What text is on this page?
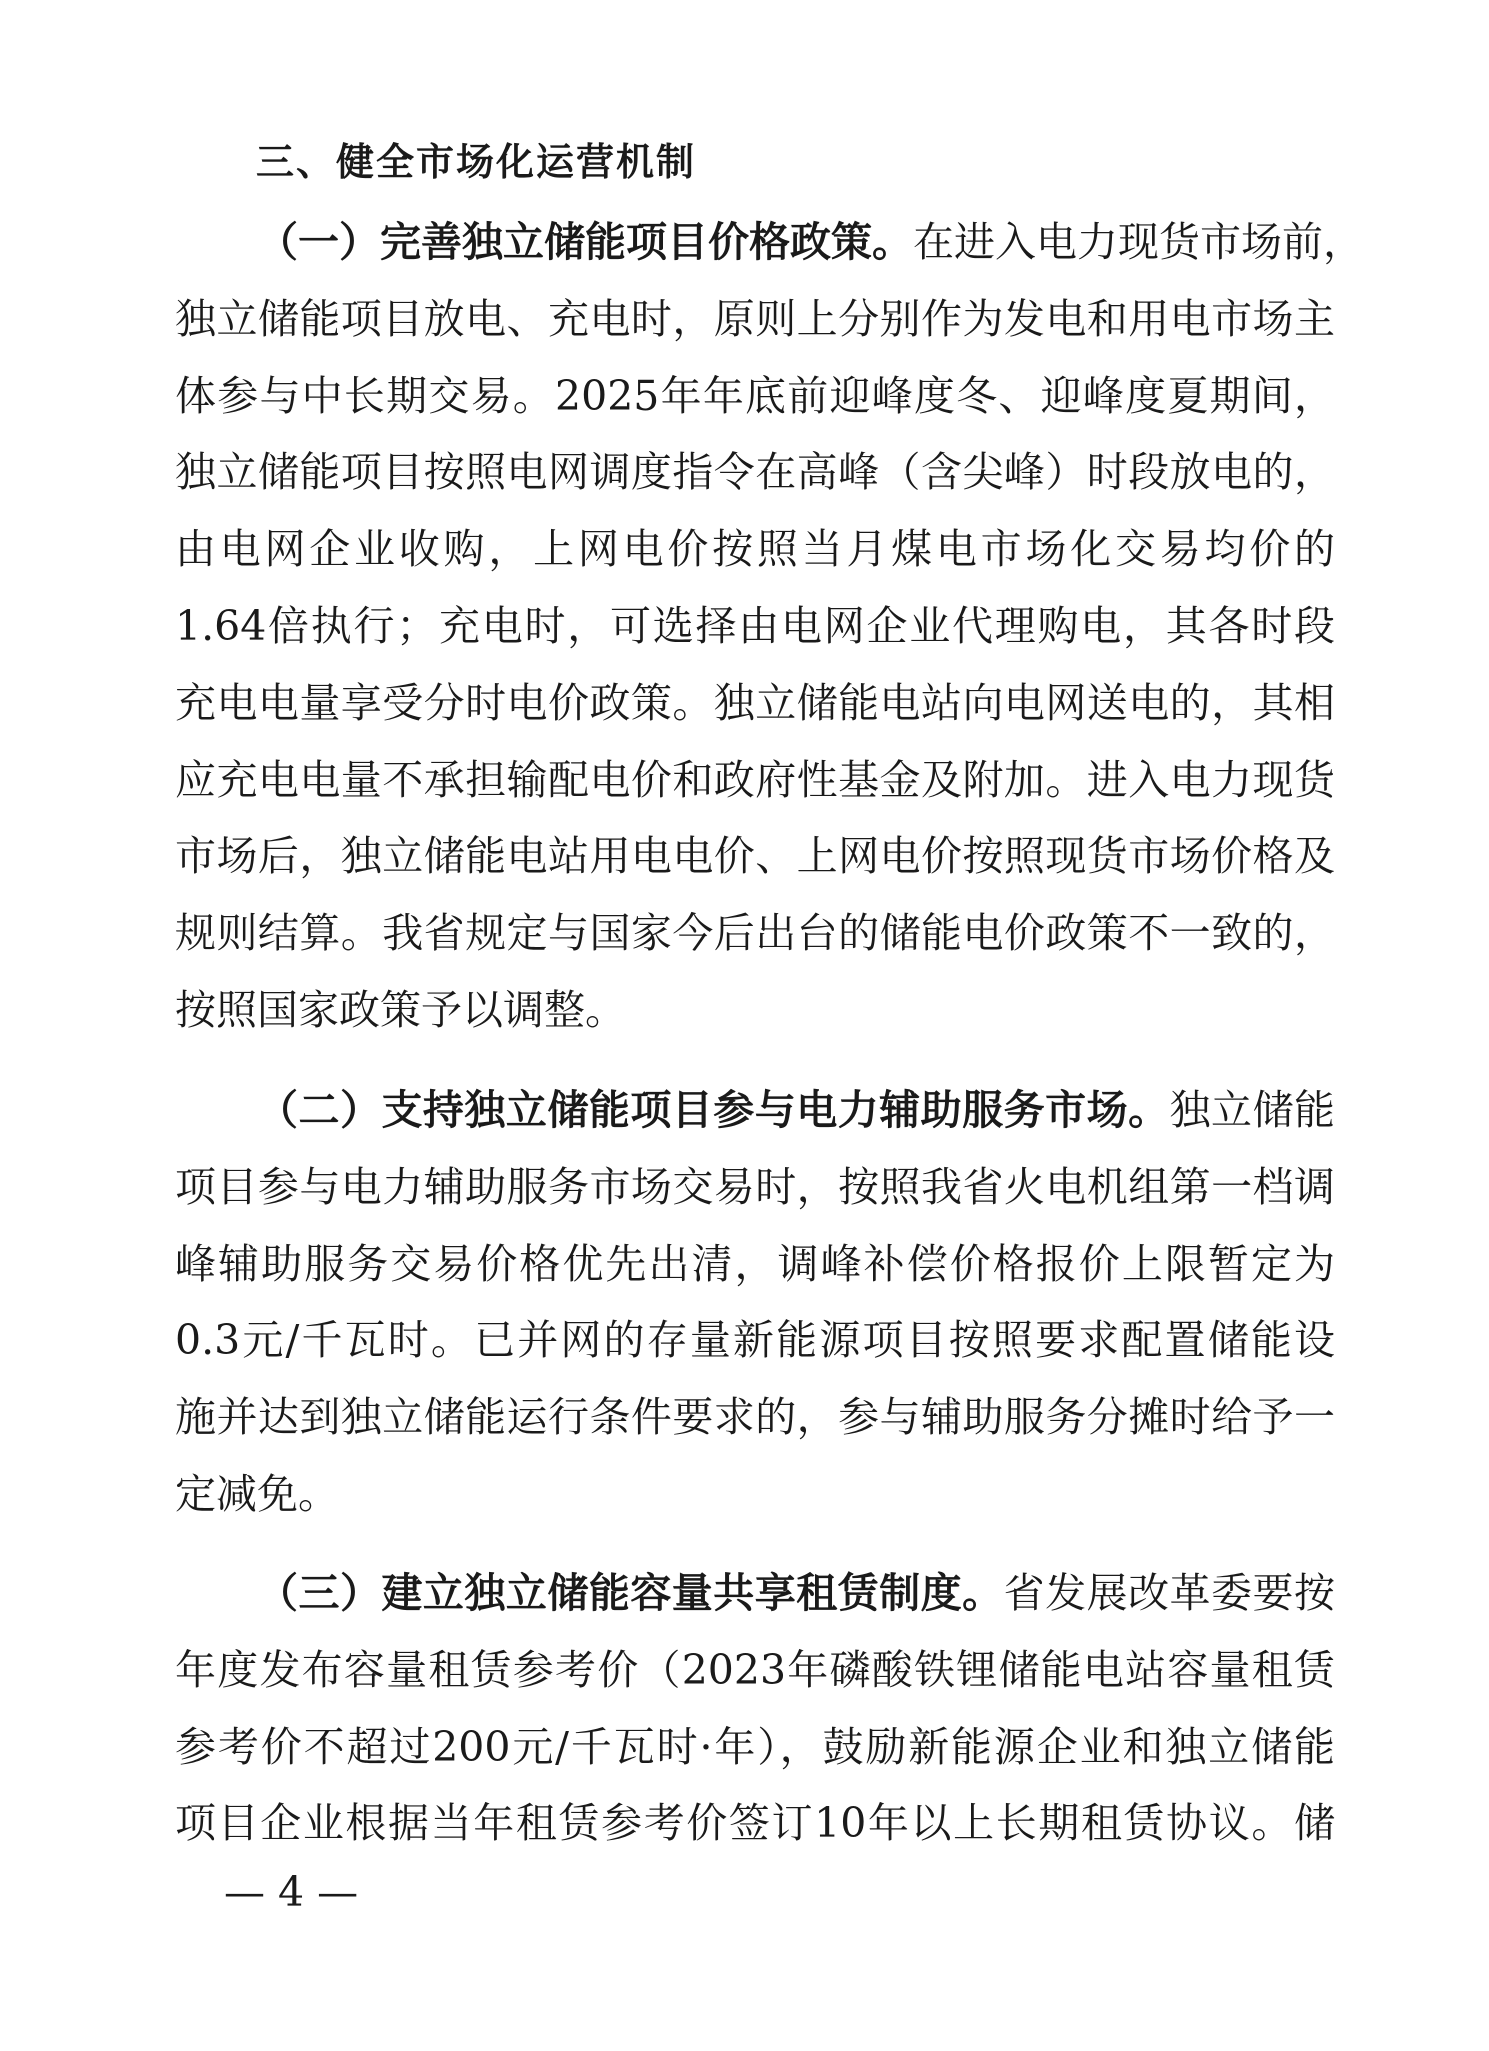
三、健全市场化运营机制
（一）完善独立储能项目价格政策。在进入电力现货市场前，
独立储能项目放电、充电时，原则上分别作为发电和用电市场主
体参与中长期交易。2025年年底前迎峰度冬、迎峰度夏期间，
独立储能项目按照电网调度指令在高峰（含尖峰）时段放电的，
由电网企业收购，上网电价按照当月煤电市场化交易均价的
1.64倍执行；充电时，可选择由电网企业代理购电，其各时段
充电电量享受分时电价政策。独立储能电站向电网送电的，其相
应充电电量不承担输配电价和政府性基金及附加。进入电力现货
市场后，独立储能电站用电电价、上网电价按照现货市场价格及
规则结算。我省规定与国家今后出台的储能电价政策不一致的，
按照国家政策予以调整。
（二）支持独立储能项目参与电力辅助服务市场。独立储能
项目参与电力辅助服务市场交易时，按照我省火电机组第一档调
峰辅助服务交易价格优先出清，调峰补偿价格报价上限暂定为
0.3元/千瓦时。已并网的存量新能源项目按照要求配置储能设
施并达到独立储能运行条件要求的，参与辅助服务分摊时给予一
定减免。
（三）建立独立储能容量共享租赁制度。省发展改革委要按
年度发布容量租赁参考价（2023年磷酸铁锂储能电站容量租赁
参考价不超过200元/千瓦时·年），鼓励新能源企业和独立储能
项目企业根据当年租赁参考价签订10年以上长期租赁协议。储
— 4 —
